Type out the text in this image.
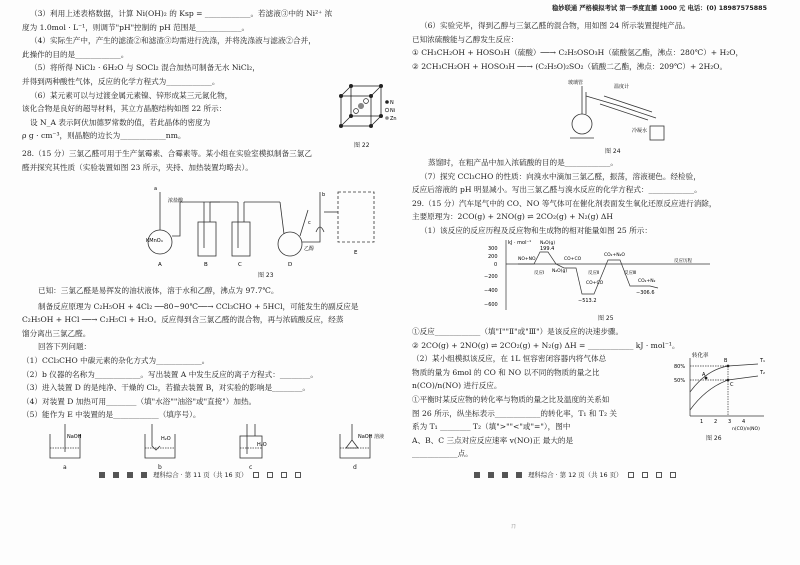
稳妙联通 严格模拟考试 第一季度直播 1000 元 电话：(0) 18987575885
（3）利用上述表格数据，计算 Ni(OH)₂ 的 Ksp = ____________。若滤液③中的 Ni²⁺ 浓
度为 1.0mol · L⁻¹，则调节"pH"控制的 pH 范围是____________。
（4）实际生产中，产生的滤渣②和滤渣③均需进行洗涤，并将洗涤液与滤液②合并，
此操作的目的是____________。
（5）将所得 NiCl₂ · 6H₂O 与 SOCl₂ 混合加热可制备无水 NiCl₂，
并得到两种酸性气体，反应的化学方程式为____________。
（6）某元素可以与过渡金属元素镍、锌形成某三元氮化物，
该化合物是良好的超导材料，其立方晶胞结构如图 22 所示：
设 N_A 表示阿伏加德罗常数的值，若此晶体的密度为
ρ g · cm⁻³，则晶胞的边长为____________nm。
28.（15 分）三氯乙醛可用于生产氯霉素、合霉素等。某小组在实验室模拟制备三氯乙
醛并探究其性质（实验装置如图 23 所示，夹持、加热装置均略去）。
N
Ni
Zn
图 22
浓盐酸
KMnO₄
A	B	C	D
E
a
b
c
乙醇
图 23
已知：三氯乙醛是易挥发的油状液体，溶于水和乙醇，沸点为 97.7℃。
制备反应原理为 C₂H₅OH + 4Cl₂ ──80~90℃──→ CCl₃CHO + 5HCl，可能发生的副反应是
C₂H₅OH + HCl ──→ C₂H₅Cl + H₂O。反应得到含三氯乙醛的混合物，再与浓硫酸反应，经蒸
馏分离出三氯乙醛。
回答下列问题：
（1）CCl₃CHO 中碳元素的杂化方式为____________。
（2）b 仪器的名称为____________。写出装置 A 中发生反应的离子方程式：________。
（3）进入装置 D 的是纯净、干燥的 Cl₂，若撤去装置 B，对实验的影响是________。
（4）对装置 D 加热可用________（填"水浴""油浴"或"直接"）加热。
（5）能作为 E 中装置的是____________（填序号）。
NaOH	H₂O
H₂O
NaOH 溶液
a	b	c	d
（6）实验完毕，得到乙醇与三氯乙醛的混合物，用如图 24 所示装置提纯产品。
已知浓硫酸能与乙醇发生反应：
① CH₃CH₂OH + HOSO₃H（硫酸）──→ C₂H₅OSO₃H（硫酸氢乙酯，沸点：280℃）+ H₂O，
② 2CH₃CH₂OH + HOSO₃H ──→ (C₂H₅O)₂SO₂（硫酸二乙酯，沸点：209℃）+ 2H₂O。
玻璃管
温度计
冷凝水
图 24
蒸馏时，在粗产品中加入浓硫酸的目的是____________。
（7）探究 CCl₃CHO 的性质：向溴水中滴加三氯乙醛，振荡，溶液褪色。经检验，
反应后溶液的 pH 明显减小。写出三氯乙醛与溴水反应的化学方程式：____________。
29.（15 分）汽车尾气中的 CO、NO 等气体可在催化剂表面发生氧化还原反应进行消除，
主要原理为：2CO(g) + 2NO(g) ⇌ 2CO₂(g) + N₂(g) ΔH
（1）该反应的反应历程及反应物和生成物的相对能量如图 25 所示：
kJ · mol⁻¹
300
200
0
−200
−400
−600
199.4
−513.2
−306.6
N₂O(g)
NO+NO	CO+CO
N₂O(g)
CO₂+N₂O
CO+CO	CO₂+N₂
反应Ⅰ	反应Ⅱ	反应Ⅲ
反应历程
图 25
①反应____________（填"Ⅰ""Ⅱ"或"Ⅲ"）是该反应的决速步骤。
② 2CO(g) + 2NO(g) ⇌ 2CO₂(g) + N₂(g) ΔH = ____________ kJ · mol⁻¹。
（2）某小组模拟该反应，在 1L 恒容密闭容器内将气体总
物质的量为 6mol 的 CO 和 NO 以不同的物质的量之比
n(CO)/n(NO) 进行反应。
①平衡时某反应物的转化率与物质的量之比及温度的关系如
图 26 所示，纵坐标表示____________的转化率，T₁ 和 T₂ 关
系为 T₁ ________ T₂（填">""<"或"="），图中
A、B、C 三点对应反应速率 v(NO)正 最大的是
____________点。
转化率
80%
50%
1 2 3 4
n(CO)/n(NO)
T₁
T₂
A
B
C
图 26
理科综合 · 第 11 页（共 16 页）	理科综合 · 第 12 页（共 16 页）
ㄇ
